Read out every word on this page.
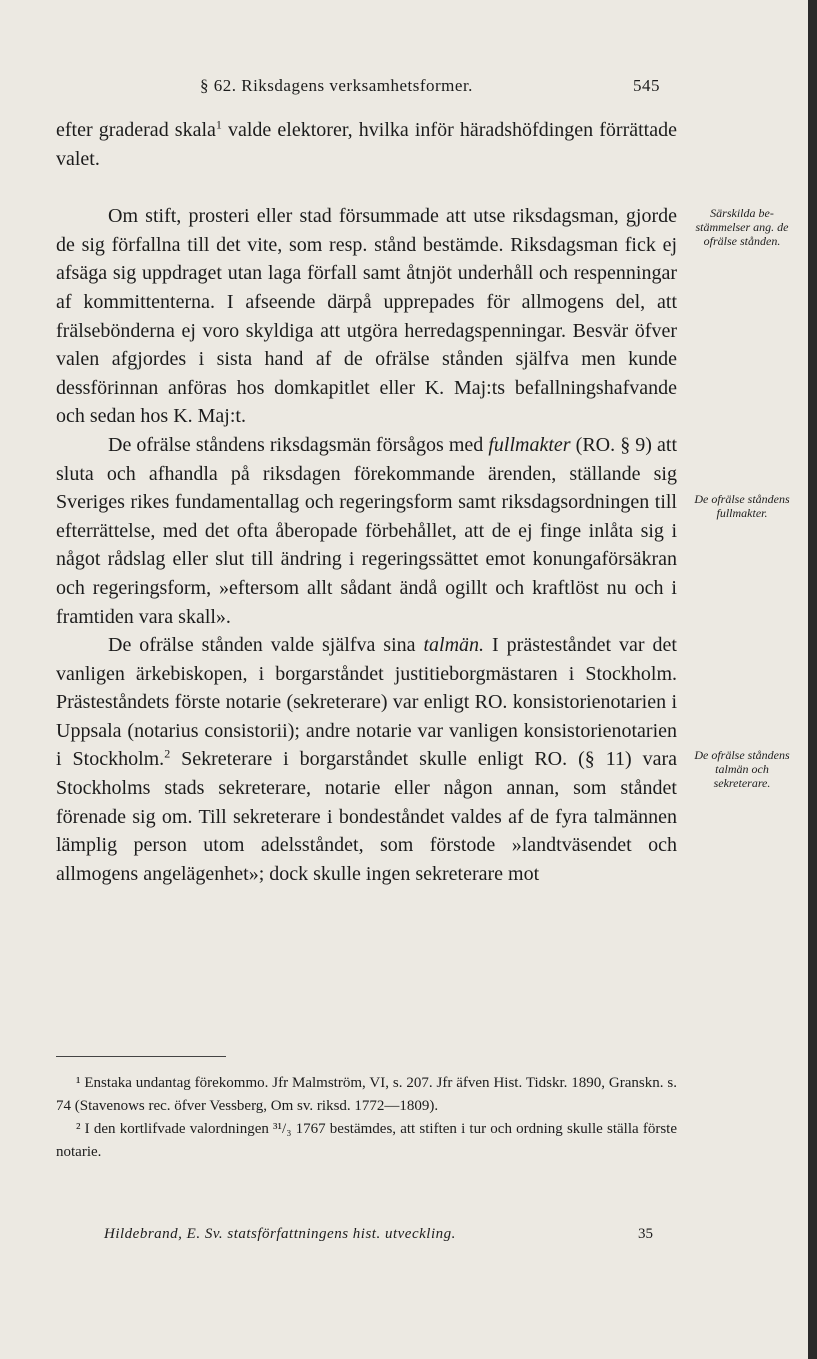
§ 62. Riksdagens verksamhetsformer.	545

efter graderad skala$^1$ valde elektorer, hvilka inför häradshöfdingen förrättade valet.

Om stift, prosteri eller stad försummade att utse riksdagsman, gjorde de sig förfallna till det vite, som resp. stånd bestämde. Riksdagsman fick ej afsäga sig uppdraget utan laga förfall samt åtnjöt underhåll och respenningar af kommittenterna. I afseende därpå upprepades för allmogens del, att frälsebönderna ej voro skyldiga att utgöra herredagspenningar. Besvär öfver valen afgjordes i sista hand af de ofrälse stånden själfva men kunde dessförinnan anföras hos domkapitlet eller K. Maj:ts befallningshafvande och sedan hos K. Maj:t.

De ofrälse ståndens riksdagsmän försågos med fullmakter (RO. § 9) att sluta och afhandla på riksdagen förekommande ärenden, ställande sig Sveriges rikes fundamentallag och regeringsform samt riksdagsordningen till efterrättelse, med det ofta åberopade förbehållet, att de ej finge inlåta sig i något rådslag eller slut till ändring i regeringssättet emot konungaförsäkran och regeringsform, »eftersom allt sådant ändå ogillt och kraftlöst nu och i framtiden vara skall».

De ofrälse stånden valde själfva sina talmän. I prästeståndet var det vanligen ärkebiskopen, i borgarståndet justitieborgmästaren i Stockholm. Prästeståndets förste notarie (sekreterare) var enligt RO. konsistorienotarien i Uppsala (notarius consistorii); andre notarie var vanligen konsistorienotarien i Stockholm.$^2$ Sekreterare i borgarståndet skulle enligt RO. (§ 11) vara Stockholms stads sekreterare, notarie eller någon annan, som ståndet förenade sig om. Till sekreterare i bondeståndet valdes af de fyra talmännen lämplig person utom adelsståndet, som förstode »landtväsendet och allmogens angelägenhet»; dock skulle ingen sekreterare mot

Särskilda bestämmelser ang. de ofrälse stånden.
De ofrälse ståndens fullmakter.
De ofrälse ståndens talmän och sekreterare.

¹ Enstaka undantag förekommo. Jfr Malmström, VI, s. 207. Jfr äfven Hist. Tidskr. 1890, Granskn. s. 74 (Stavenows rec. öfver Vessberg, Om sv. riksd. 1772—1809).

² I den kortlifvade valordningen ³¹/₃ 1767 bestämdes, att stiften i tur och ordning skulle ställa förste notarie.

Hildebrand, E. Sv. statsförfattningens hist. utveckling.	35
